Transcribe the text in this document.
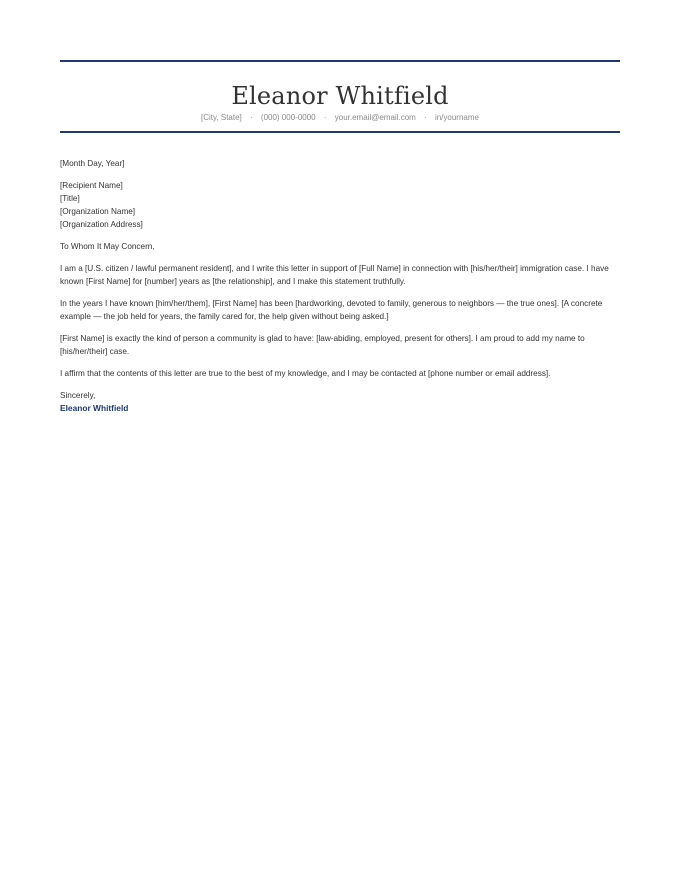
Eleanor Whitfield
[City, State] · (000) 000-0000 · your.email@email.com · in/yourname

[Month Day, Year]

[Recipient Name]
[Title]
[Organization Name]
[Organization Address]

To Whom It May Concern,

I am a [U.S. citizen / lawful permanent resident], and I write this letter in support of [Full Name] in connection with [his/her/their] immigration case. I have known [First Name] for [number] years as [the relationship], and I make this statement truthfully.

In the years I have known [him/her/them], [First Name] has been [hardworking, devoted to family, generous to neighbors — the true ones]. [A concrete example — the job held for years, the family cared for, the help given without being asked.]

[First Name] is exactly the kind of person a community is glad to have: [law-abiding, employed, present for others]. I am proud to add my name to [his/her/their] case.

I affirm that the contents of this letter are true to the best of my knowledge, and I may be contacted at [phone number or email address].

Sincerely,

Eleanor Whitfield
